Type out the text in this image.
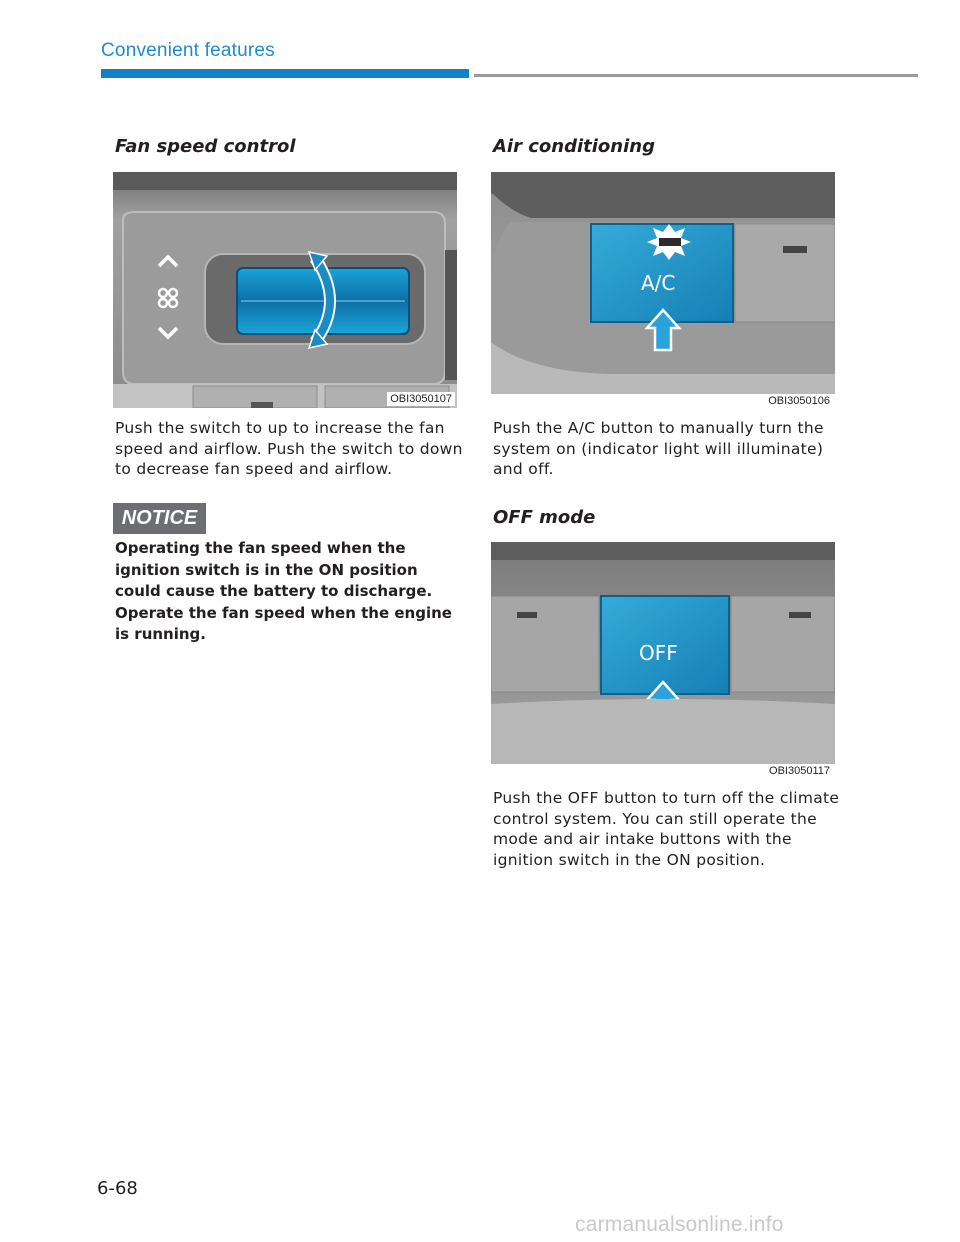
Convenient features
Fan speed control
OBI3050107

Push the switch to up to increase the fan speed and airflow. Push the switch to down to decrease fan speed and airflow.

NOTICE

Operating the fan speed when the ignition switch is in the ON position could cause the battery to discharge. Operate the fan speed when the engine is running.

Air conditioning
A/C
OBI3050106

Push the A/C button to manually turn the system on (indicator light will illuminate) and off.

OFF mode
OFF
OBI3050117

Push the OFF button to turn off the climate control system. You can still operate the mode and air intake buttons with the ignition switch in the ON position.

6-68
carmanualsonline.info
